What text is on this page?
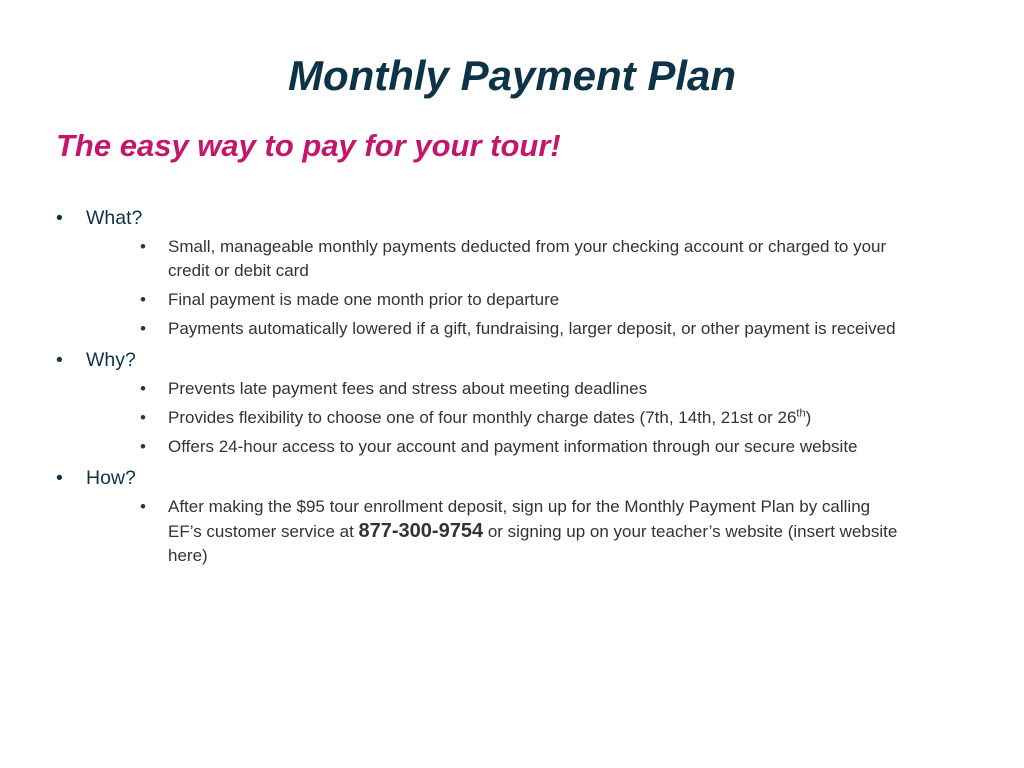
Monthly Payment Plan
The easy way to pay for your tour!
• What?
• Small, manageable monthly payments deducted from your checking account or charged to your credit or debit card
• Final payment is made one month prior to departure
• Payments automatically lowered if a gift, fundraising, larger deposit, or other payment is received
• Why?
• Prevents late payment fees and stress about meeting deadlines
• Provides flexibility to choose one of four monthly charge dates (7th, 14th, 21st or 26th)
• Offers 24-hour access to your account and payment information through our secure website
• How?
• After making the $95 tour enrollment deposit, sign up for the Monthly Payment Plan by calling EF’s customer service at 877-300-9754 or signing up on your teacher’s website (insert website here)
